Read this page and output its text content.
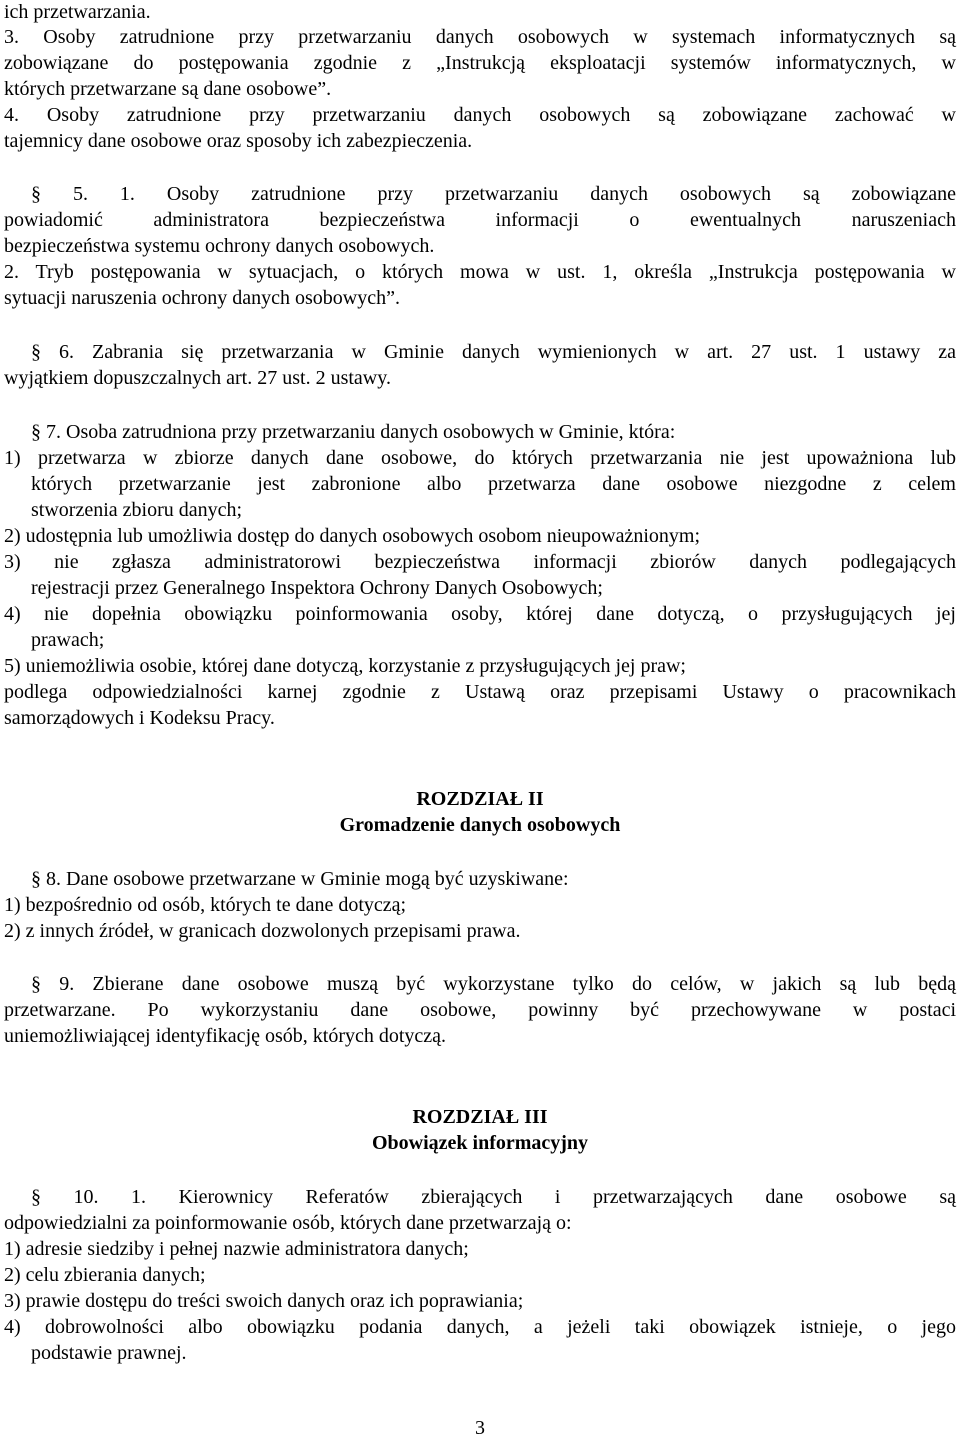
ich przetwarzania.
3. Osoby zatrudnione przy przetwarzaniu danych osobowych w systemach informatycznych są
zobowiązane do postępowania zgodnie z „Instrukcją eksploatacji systemów informatycznych, w
których przetwarzane są dane osobowe”.
4. Osoby zatrudnione przy przetwarzaniu danych osobowych są zobowiązane zachować w
tajemnicy dane osobowe oraz sposoby ich zabezpieczenia.
§ 5. 1. Osoby zatrudnione przy przetwarzaniu danych osobowych są zobowiązane
powiadomić administratora bezpieczeństwa informacji o ewentualnych naruszeniach
bezpieczeństwa systemu ochrony danych osobowych.
2. Tryb postępowania w sytuacjach, o których mowa w ust. 1, określa „Instrukcja postępowania w
sytuacji naruszenia ochrony danych osobowych”.
§ 6. Zabrania się przetwarzania w Gminie danych wymienionych w art. 27 ust. 1 ustawy za
wyjątkiem dopuszczalnych art. 27 ust. 2 ustawy.
§ 7. Osoba zatrudniona przy przetwarzaniu danych osobowych w Gminie, która:
1) przetwarza w zbiorze danych dane osobowe, do których przetwarzania nie jest upoważniona lub
których przetwarzanie jest zabronione albo przetwarza dane osobowe niezgodne z celem
stworzenia zbioru danych;
2) udostępnia lub umożliwia dostęp do danych osobowych osobom nieupoważnionym;
3) nie zgłasza administratorowi bezpieczeństwa informacji zbiorów danych podlegających
rejestracji przez Generalnego Inspektora Ochrony Danych Osobowych;
4) nie dopełnia obowiązku poinformowania osoby, której dane dotyczą, o przysługujących jej
prawach;
5) uniemożliwia osobie, której dane dotyczą, korzystanie z przysługujących jej praw;
podlega odpowiedzialności karnej zgodnie z Ustawą oraz przepisami Ustawy o pracownikach
samorządowych i Kodeksu Pracy.
ROZDZIAŁ II
Gromadzenie danych osobowych
§ 8. Dane osobowe przetwarzane w Gminie mogą być uzyskiwane:
1) bezpośrednio od osób, których te dane dotyczą;
2) z innych źródeł, w granicach dozwolonych przepisami prawa.
§ 9. Zbierane dane osobowe muszą być wykorzystane tylko do celów, w jakich są lub będą
przetwarzane. Po wykorzystaniu dane osobowe, powinny być przechowywane w postaci
uniemożliwiającej identyfikację osób, których dotyczą.
ROZDZIAŁ III
Obowiązek informacyjny
§ 10. 1. Kierownicy Referatów zbierających i przetwarzających dane osobowe są
odpowiedzialni za poinformowanie osób, których dane przetwarzają o:
1) adresie siedziby i pełnej nazwie administratora danych;
2) celu zbierania danych;
3) prawie dostępu do treści swoich danych oraz ich poprawiania;
4) dobrowolności albo obowiązku podania danych, a jeżeli taki obowiązek istnieje, o jego
podstawie prawnej.
3
